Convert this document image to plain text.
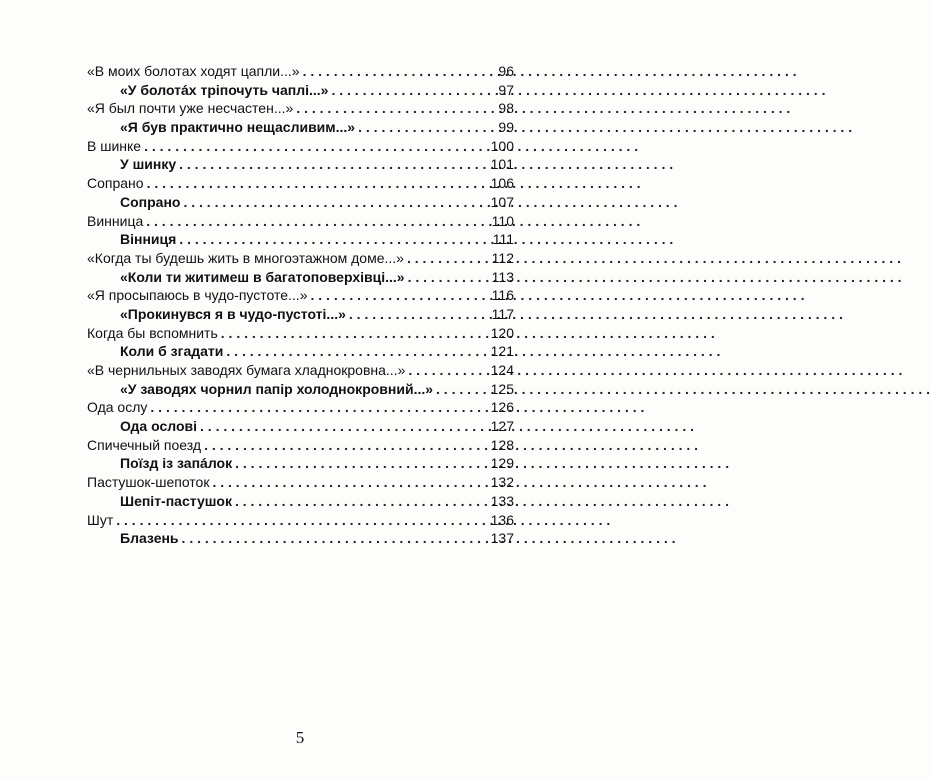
«В моих болотах ходят цапли...» . . .	96
«У болотáх тріпочуть чаплі...» . . .	97
«Я был почти уже несчастен...» . . .	98
«Я був практично нещасливим...» . . .	99
В шинке . . .	100
У шинку . . .	101
Сопрано . . .	106
Сопрано . . .	107
Винница . . .	110
Вінниця . . .	111
«Когда ты будешь жить в многоэтажном доме...» . . .	112
«Коли ти житимеш в багатоповерхівці...» . . .	113
«Я просыпаюсь в чудо-пустоте...» . . .	116
«Прокинувся я в чудо-пустоті...» . . .	117
Когда бы вспомнить . . .	120
Коли б згадати . . .	121
«В чернильных заводях бумага хладнокровна...» . . .	124
«У заводях чорнил папір холоднокровний...» . . .	125
Ода ослу . . .	126
Ода ослові . . .	127
Спичечный поезд . . .	128
Поїзд із запáлок . . .	129
Пастушок-шепоток . . .	132
Шепіт-пастушок . . .	133
Шут . . .	136
Блазень . . .	137
5
